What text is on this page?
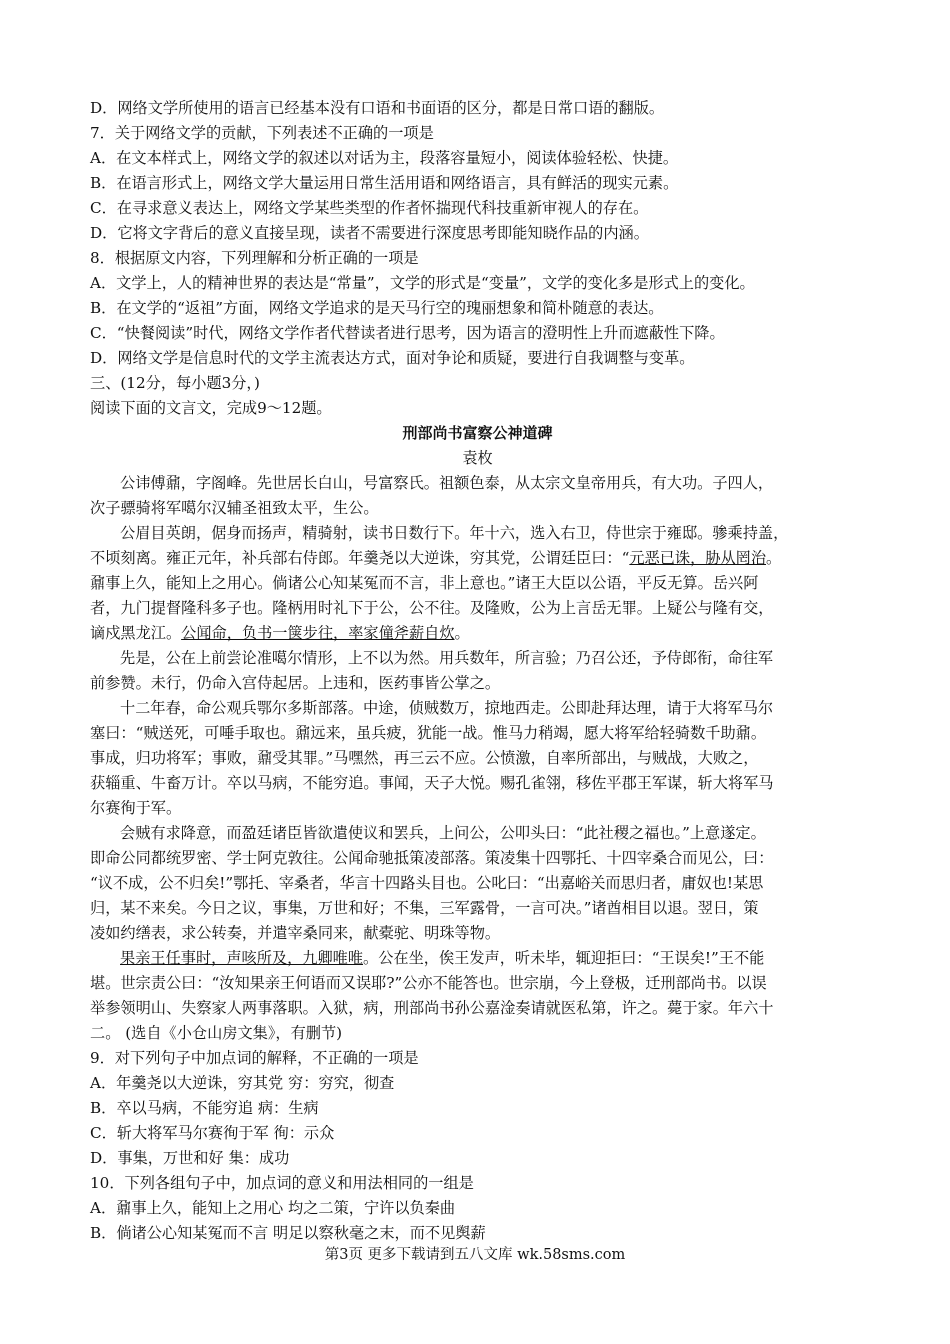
D．网络文学所使用的语言已经基本没有口语和书面语的区分，都是日常口语的翻版。
7．关于网络文学的贡献，下列表述不正确的一项是
A．在文本样式上，网络文学的叙述以对话为主，段落容量短小，阅读体验轻松、快捷。
B．在语言形式上，网络文学大量运用日常生活用语和网络语言，具有鲜活的现实元素。
C．在寻求意义表达上，网络文学某些类型的作者怀揣现代科技重新审视人的存在。
D．它将文字背后的意义直接呈现，读者不需要进行深度思考即能知晓作品的内涵。
8．根据原文内容，下列理解和分析正确的一项是
A．文学上，人的精神世界的表达是“常量”，文学的形式是“变量”，文学的变化多是形式上的变化。
B．在文学的“返祖”方面，网络文学追求的是天马行空的瑰丽想象和简朴随意的表达。
C．“快餐阅读”时代，网络文学作者代替读者进行思考，因为语言的澄明性上升而遮蔽性下降。
D．网络文学是信息时代的文学主流表达方式，面对争论和质疑，要进行自我调整与变革。
三、(12分，每小题3分，)
阅读下面的文言文，完成9～12题。
刑部尚书富察公神道碑
袁枚
公讳傅鼐，字阁峰。先世居长白山，号富察氏。祖额色泰，从太宗文皇帝用兵，有大功。子四人，
次子骠骑将军噶尔汉辅圣祖致太平，生公。
公眉目英朗，倨身而扬声，精骑射，读书日数行下。年十六，选入右卫，侍世宗于雍邸。骖乘持盖，
不顷刻离。雍正元年，补兵部右侍郎。年羹尧以大逆诛，穷其党，公谓廷臣曰：“元恶已诛，胁从罔治。
鼐事上久，能知上之用心。倘诸公心知某冤而不言，非上意也。”诸王大臣以公语，平反无算。岳兴阿
者，九门提督隆科多子也。隆柄用时礼下于公，公不往。及隆败，公为上言岳无罪。上疑公与隆有交，
谪戍黑龙江。公闻命，负书一箧步往，率家僮斧薪自炊。
先是，公在上前尝论准噶尔情形，上不以为然。用兵数年，所言验；乃召公还，予侍郎衔，命往军
前参赞。未行，仍命入宫侍起居。上违和，医药事皆公掌之。
十二年春，命公观兵鄂尔多斯部落。中途，侦贼数万，掠地西走。公即赴拜达理，请于大将军马尔
塞曰：“贼送死，可唾手取也。鼐远来，虽兵疲，犹能一战。惟马力稍竭，愿大将军给轻骑数千助鼐。
事成，归功将军；事败，鼐受其罪。”马嘿然，再三云不应。公愤激，自率所部出，与贼战，大败之，
获辎重、牛畜万计。卒以马病，不能穷追。事闻，天子大悦。赐孔雀翎，移佐平郡王军谋，斩大将军马
尔赛徇于军。
会贼有求降意，而盈廷诸臣皆欲遣使议和罢兵，上问公，公叩头曰：“此社稷之福也。”上意遂定。
即命公同都统罗密、学士阿克敦往。公闻命驰抵策凌部落。策凌集十四鄂托、十四宰桑合而见公，曰：
“议不成，公不归矣!”鄂托、宰桑者，华言十四路头目也。公叱曰：“出嘉峪关而思归者，庸奴也!某思
归，某不来矣。今日之议，事集，万世和好；不集，三军露骨，一言可决。”诸酋相目以退。翌日，策
凌如约缮表，求公转奏，并遣宰桑同来，献橐驼、明珠等物。
果亲王任事时，声咳所及，九卿唯唯。公在坐，俟王发声，听未毕，辄迎拒曰：“王误矣!”王不能
堪。世宗责公曰：“汝知果亲王何语而又误耶?”公亦不能答也。世宗崩，今上登极，迁刑部尚书。以误
举参领明山、失察家人两事落职。入狱，病，刑部尚书孙公嘉淦奏请就医私第，许之。薨于家。年六十
二。 (选自《小仓山房文集》，有删节)
9．对下列句子中加点词的解释，不正确的一项是
A．年羹尧以大逆诛，穷其党 穷：穷究，彻查
B．卒以马病，不能穷追 病：生病
C．斩大将军马尔赛徇于军 徇：示众
D．事集，万世和好 集：成功
10．下列各组句子中，加点词的意义和用法相同的一组是
A．鼐事上久，能知上之用心 均之二策，宁许以负秦曲
B．倘诸公心知某冤而不言 明足以察秋毫之末，而不见舆薪
第3页 更多下载请到五八文库 wk.58sms.com
